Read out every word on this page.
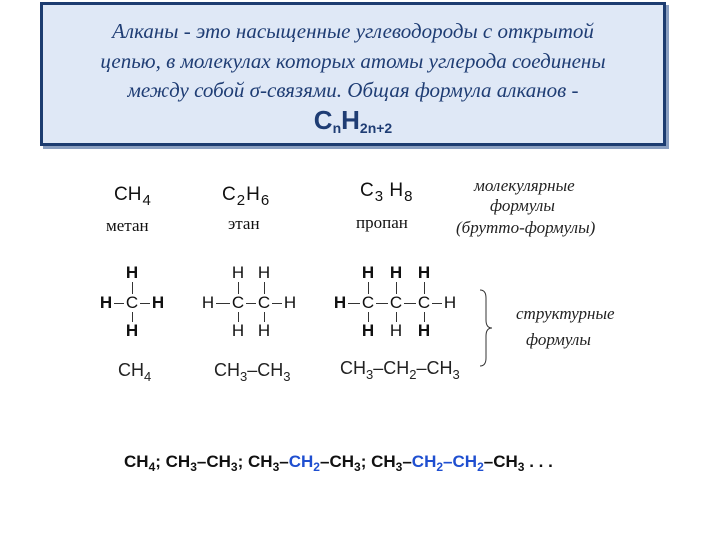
Алканы - это насыщенные углеводороды с открытой
цепью, в молекулах которых атомы углерода соединены
между собой σ-связями. Общая формула алканов -
$C_nH_{2n+2}$
$CH_4$
метан
$C_2H_6$
этан
$C_3$ $H_8$
пропан
молекулярные
формулы
(брутто-формулы)
H
H C H
H
H H
H C C H
H H
H H H
H C C C H
H H H
структурные
формулы
$CH_4$	$CH_3-CH_3$	$CH_3-CH_2-CH_3$
$CH_4$; $CH_3-CH_3$; $CH_3-CH_2-CH_3$; $CH_3-CH_2-CH_2-CH_3$ . . .
